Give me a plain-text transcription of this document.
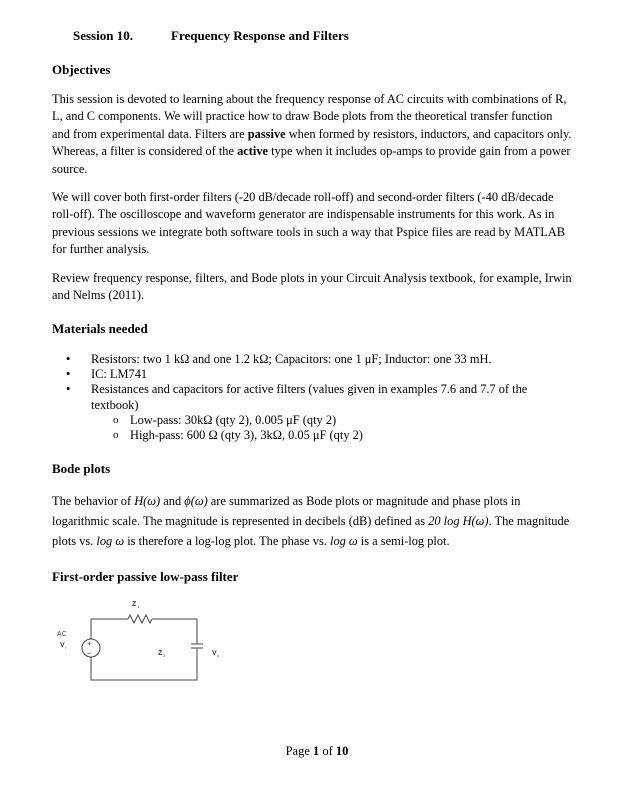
Session 10.	Frequency Response and Filters
Objectives
This session is devoted to learning about the frequency response of AC circuits with combinations of R, L, and C components. We will practice how to draw Bode plots from the theoretical transfer function and from experimental data. Filters are passive when formed by resistors, inductors, and capacitors only. Whereas, a filter is considered of the active type when it includes op-amps to provide gain from a power source.
We will cover both first-order filters (-20 dB/decade roll-off) and second-order filters (-40 dB/decade roll-off). The oscilloscope and waveform generator are indispensable instruments for this work. As in previous sessions we integrate both software tools in such a way that Pspice files are read by MATLAB for further analysis.
Review frequency response, filters, and Bode plots in your Circuit Analysis textbook, for example, Irwin and Nelms (2011).
Materials needed
• Resistors: two 1 kΩ and one 1.2 kΩ; Capacitors: one 1 μF; Inductor: one 33 mH.
• IC: LM741
• Resistances and capacitors for active filters (values given in examples 7.6 and 7.7 of the textbook)
o Low-pass: 30kΩ (qty 2), 0.005 μF (qty 2)
o High-pass: 600 Ω (qty 3), 3kΩ, 0.05 μF (qty 2)
Bode plots
The behavior of H(ω) and ϕ(ω) are summarized as Bode plots or magnitude and phase plots in logarithmic scale. The magnitude is represented in decibels (dB) defined as 20 log H(ω). The magnitude plots vs. log ω is therefore a log-log plot. The phase vs. log ω is a semi-log plot.
First-order passive low-pass filter
+
−
AC
V i
Z 1
Z 2	V o
Page 1 of 10
